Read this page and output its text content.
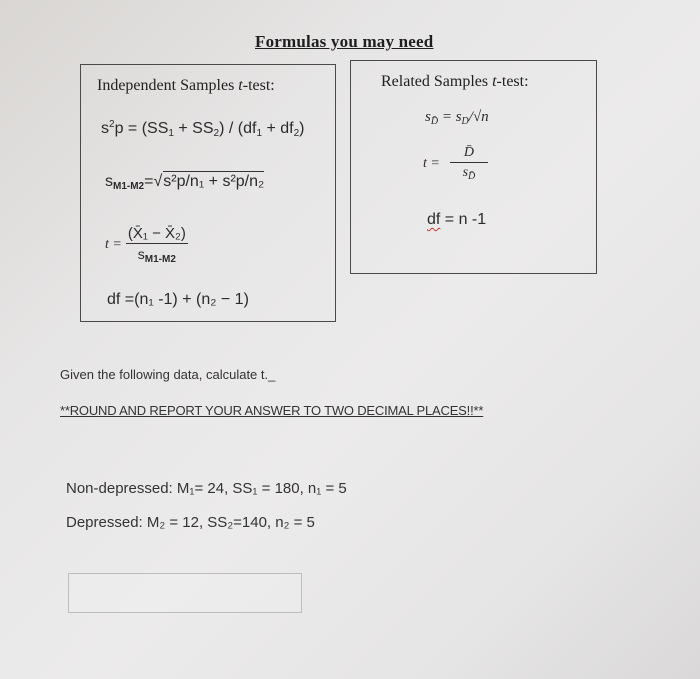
Formulas you may need
Independent Samples t-test:
$s^2p = (SS_1 + SS_2) / (df_1 + df_2)$
$s_{M1-M2}=√s^2p/n_1 + s^2p/n_2$
$t = \frac{\text{(X̄₁ − X̄₂)}}{s_{M1-M2}}$
df =(n₁ -1) + (n₂ − 1)
Related Samples t-test:
$s_{D̄} = s_D/√n$
$t = \frac{D̄}{s_{D̄}}$
df = n -1
Given the following data, calculate t._
**ROUND AND REPORT YOUR ANSWER TO TWO DECIMAL PLACES!!**
Non-depressed: M₁= 24, SS₁ = 180, n₁ = 5
Depressed: M₂ = 12, SS₂=140, n₂ = 5
